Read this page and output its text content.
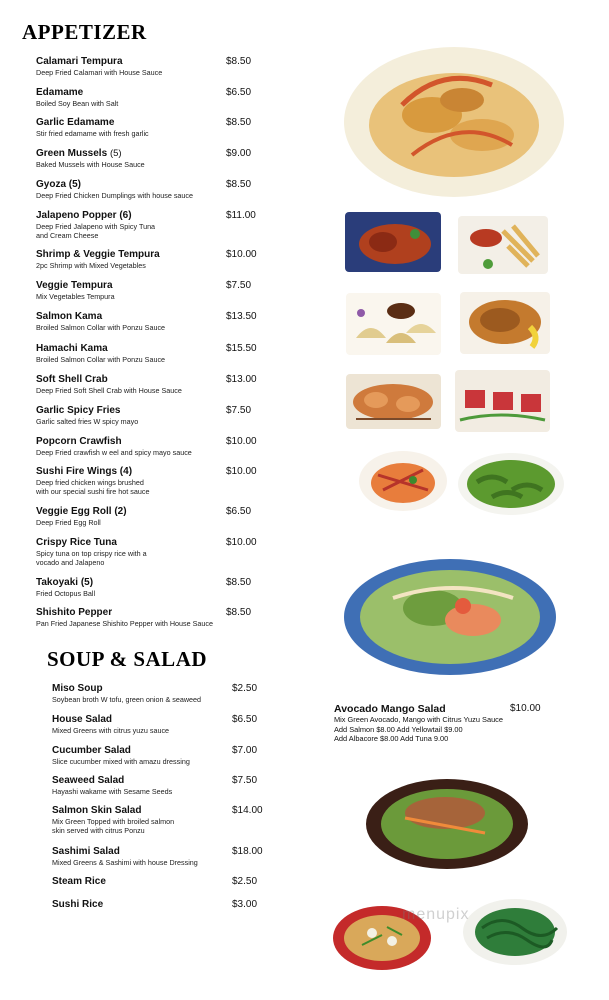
APPETIZER
SOUP & SALAD
Calamari Tempura	$8.50
Deep Fried Calamari with House Sauce
Edamame	$6.50
Boiled Soy Bean with Salt
Garlic Edamame	$8.50
Stir fried edamame with fresh garlic
Green Mussels (5)	$9.00
Baked Mussels with House Sauce
Gyoza (5)	$8.50
Deep Fried Chicken Dumplings with house sauce
Jalapeno Popper (6)	$11.00
Deep Fried Jalapeno with Spicy Tuna
and Cream Cheese
Shrimp & Veggie Tempura	$10.00
2pc Shrimp with Mixed Vegetables
Veggie Tempura	$7.50
Mix Vegetables Tempura
Salmon Kama	$13.50
Broiled Salmon Collar with Ponzu Sauce
Hamachi Kama	$15.50
Broiled Salmon Collar with Ponzu Sauce
Soft Shell Crab	$13.00
Deep Fried Soft Shell Crab with House Sauce
Garlic Spicy Fries	$7.50
Garlic salted fries W spicy mayo
Popcorn Crawfish	$10.00
Deep Fried crawfish w eel and spicy mayo sauce
Sushi Fire Wings (4)	$10.00
Deep fried chicken wings brushed
with our special sushi fire hot sauce
Veggie Egg Roll (2)	$6.50
Deep Fried Egg Roll
Crispy Rice Tuna	$10.00
Spicy tuna on top crispy rice with a
vocado and Jalapeno
Takoyaki (5)	$8.50
Fried Octopus Ball
Shishito Pepper	$8.50
Pan Fried Japanese Shishito Pepper with House Sauce
Miso Soup	$2.50
Soybean broth W tofu, green onion & seaweed
House Salad	$6.50
Mixed Greens with citrus yuzu sauce
Cucumber Salad	$7.00
Slice cucumber mixed with amazu dressing
Seaweed Salad	$7.50
Hayashi wakame with Sesame Seeds
Salmon Skin Salad	$14.00
Mix Green Topped with broiled salmon
skin served with citrus Ponzu
Sashimi Salad	$18.00
Mixed Greens & Sashimi with house Dressing
Steam Rice	$2.50
Sushi Rice	$3.00
Avocado Mango Salad	$10.00
Mix Green Avocado, Mango with Citrus Yuzu Sauce
Add Salmon $8.00 Add Yellowtail $9.00
Add Albacore $8.00 Add Tuna 9.00
menupix
